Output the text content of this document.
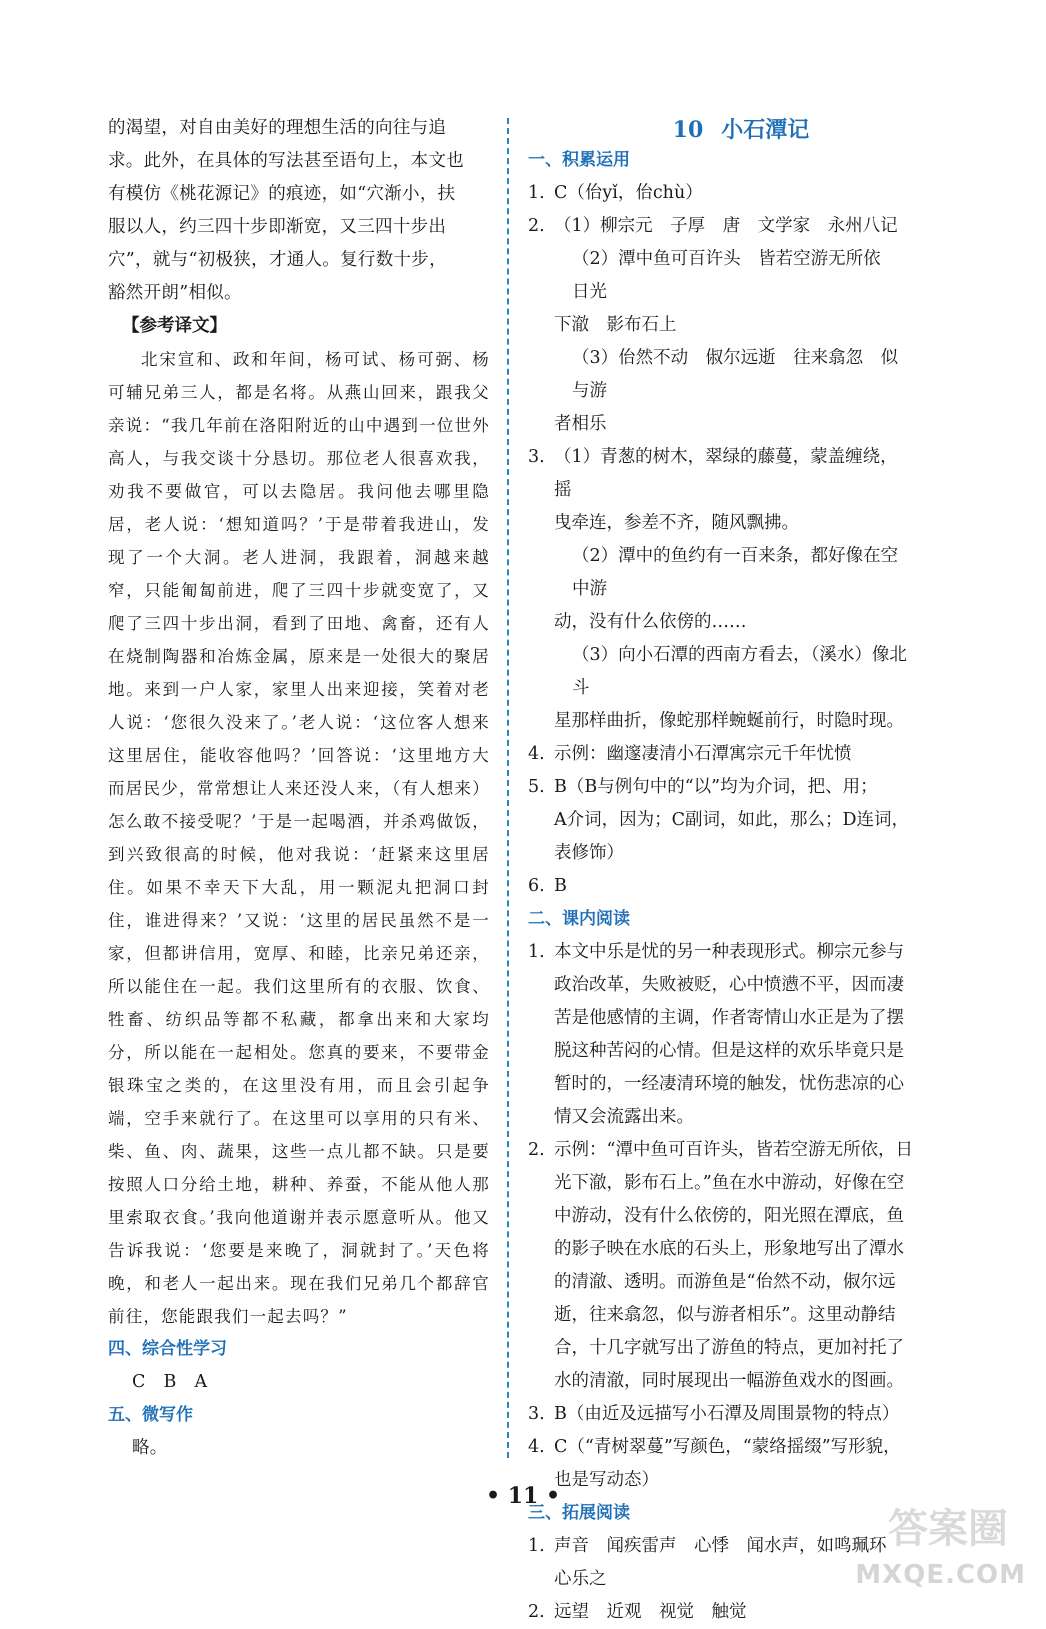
的渴望，对自由美好的理想生活的向往与追

求。此外，在具体的写法甚至语句上，本文也

有模仿《桃花源记》的痕迹，如“穴渐小，扶

服以人，约三四十步即渐宽，又三四十步出

穴”，就与“初极狭，才通人。复行数十步，

豁然开朗”相似。

【参考译文】

北宋宣和、政和年间，杨可试、杨可弼、杨可辅兄弟三人，都是名将。从燕山回来，跟我父亲说：“我几年前在洛阳附近的山中遇到一位世外高人，与我交谈十分恳切。那位老人很喜欢我，劝我不要做官，可以去隐居。我问他去哪里隐居，老人说：‘想知道吗？’于是带着我进山，发现了一个大洞。老人进洞，我跟着，洞越来越窄，只能匍匐前进，爬了三四十步就变宽了，又爬了三四十步出洞，看到了田地、禽畜，还有人在烧制陶器和冶炼金属，原来是一处很大的聚居地。来到一户人家，家里人出来迎接，笑着对老人说：‘您很久没来了。’老人说：‘这位客人想来这里居住，能收容他吗？’回答说：‘这里地方大而居民少，常常想让人来还没人来，（有人想来）怎么敢不接受呢？’于是一起喝酒，并杀鸡做饭，到兴致很高的时候，他对我说：‘赶紧来这里居住。如果不幸天下大乱，用一颗泥丸把洞口封住，谁进得来？’又说：‘这里的居民虽然不是一家，但都讲信用，宽厚、和睦，比亲兄弟还亲，所以能住在一起。我们这里所有的衣服、饮食、牲畜、纺织品等都不私藏，都拿出来和大家均分，所以能在一起相处。您真的要来，不要带金银珠宝之类的，在这里没有用，而且会引起争端，空手来就行了。在这里可以享用的只有米、柴、鱼、肉、蔬果，这些一点儿都不缺。只是要按照人口分给土地，耕种、养蚕，不能从他人那里索取衣食。’我向他道谢并表示愿意听从。他又告诉我说：‘您要是来晚了，洞就封了。’天色将晚，和老人一起出来。现在我们兄弟几个都辞官前往，您能跟我们一起去吗？”

四、综合性学习

C　B　A

五、微写作

略。

10 小石潭记

一、积累运用

1. C（佁yǐ，佁chù）
2. （1）柳宗元　子厚　唐　文学家　永州八记
（2）潭中鱼可百许头　皆若空游无所依　日光
下澈　影布石上
（3）佁然不动　俶尔远逝　往来翕忽　似与游
者相乐
3. （1）青葱的树木，翠绿的藤蔓，蒙盖缠绕，摇
曳牵连，参差不齐，随风飘拂。
（2）潭中的鱼约有一百来条，都好像在空中游
动，没有什么依傍的……
（3）向小石潭的西南方看去，（溪水）像北斗
星那样曲折，像蛇那样蜿蜒前行，时隐时现。
4. 示例：幽邃凄清小石潭寓宗元千年忧愤
5. B（B与例句中的“以”均为介词，把、用；
A介词，因为；C副词，如此，那么；D连词，
表修饰）
6. B

二、课内阅读

1. 本文中乐是忧的另一种表现形式。柳宗元参与
政治改革，失败被贬，心中愤懑不平，因而凄
苦是他感情的主调，作者寄情山水正是为了摆
脱这种苦闷的心情。但是这样的欢乐毕竟只是
暂时的，一经凄清环境的触发，忧伤悲凉的心
情又会流露出来。
2. 示例：“潭中鱼可百许头，皆若空游无所依，日
光下澈，影布石上。”鱼在水中游动，好像在空
中游动，没有什么依傍的，阳光照在潭底，鱼
的影子映在水底的石头上，形象地写出了潭水
的清澈、透明。而游鱼是“佁然不动，俶尔远
逝，往来翕忽，似与游者相乐”。这里动静结
合，十几字就写出了游鱼的特点，更加衬托了
水的清澈，同时展现出一幅游鱼戏水的图画。
3. B（由近及远描写小石潭及周围景物的特点）
4. C（“青树翠蔓”写颜色，“蒙络摇缀”写形貌，
也是写动态）

三、拓展阅读

1. 声音　闻疾雷声　心悸　闻水声，如鸣珮环
心乐之
2. 远望　近观　视觉　触觉
• 11 •
答案圈
MXQE.COM
